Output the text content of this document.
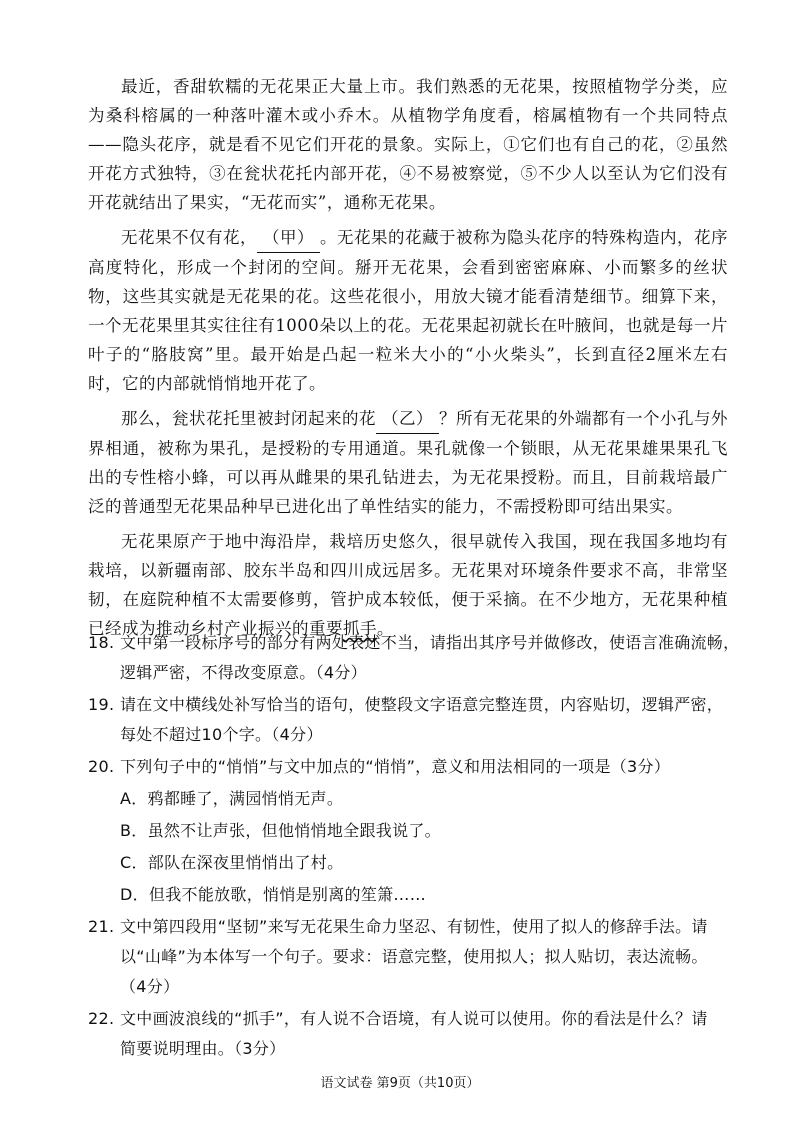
最近，香甜软糯的无花果正大量上市。我们熟悉的无花果，按照植物学分类，应为桑科榕属的一种落叶灌木或小乔木。从植物学角度看，榕属植物有一个共同特点——隐头花序，就是看不见它们开花的景象。实际上，①它们也有自己的花，②虽然开花方式独特，③在瓮状花托内部开花，④不易被察觉，⑤不少人以至认为它们没有开花就结出了果实，“无花而实”，通称无花果。

无花果不仅有花， （甲） 。无花果的花藏于被称为隐头花序的特殊构造内，花序高度特化，形成一个封闭的空间。掰开无花果，会看到密密麻麻、小而繁多的丝状物，这些其实就是无花果的花。这些花很小，用放大镜才能看清楚细节。细算下来，一个无花果里其实往往有1000朵以上的花。无花果起初就长在叶腋间，也就是每一片叶子的“胳肢窝”里。最开始是凸起一粒米大小的“小火柴头”，长到直径2厘米左右时，它的内部就悄悄地开花了。

那么，瓮状花托里被封闭起来的花 （乙） ？所有无花果的外端都有一个小孔与外界相通，被称为果孔，是授粉的专用通道。果孔就像一个锁眼，从无花果雄果果孔飞出的专性榕小蜂，可以再从雌果的果孔钻进去，为无花果授粉。而且，目前栽培最广泛的普通型无花果品种早已进化出了单性结实的能力，不需授粉即可结出果实。

无花果原产于地中海沿岸，栽培历史悠久，很早就传入我国，现在我国多地均有栽培，以新疆南部、胶东半岛和四川成远居多。无花果对环境条件要求不高，非常坚韧，在庭院种植不太需要修剪，管护成本较低，便于采摘。在不少地方，无花果种植已经成为推动乡村产业振兴的重要抓手。

18. 文中第一段标序号的部分有两处表述不当，请指出其序号并做修改，使语言准确流畅，
逻辑严密，不得改变原意。（4分）
19. 请在文中横线处补写恰当的语句，使整段文字语意完整连贯，内容贴切，逻辑严密，
每处不超过10个字。（4分）
20. 下列句子中的“悄悄”与文中加点的“悄悄”，意义和用法相同的一项是（3分）
A．鸦都睡了，满园悄悄无声。
B．虽然不让声张，但他悄悄地全跟我说了。
C．部队在深夜里悄悄出了村。
D．但我不能放歌，悄悄是别离的笙箫……
21. 文中第四段用“坚韧”来写无花果生命力坚忍、有韧性，使用了拟人的修辞手法。请
以“山峰”为本体写一个句子。要求：语意完整，使用拟人；拟人贴切，表达流畅。
（4分）
22. 文中画波浪线的“抓手”，有人说不合语境，有人说可以使用。你的看法是什么？请
简要说明理由。（3分）
语文试卷 第9页（共10页）
